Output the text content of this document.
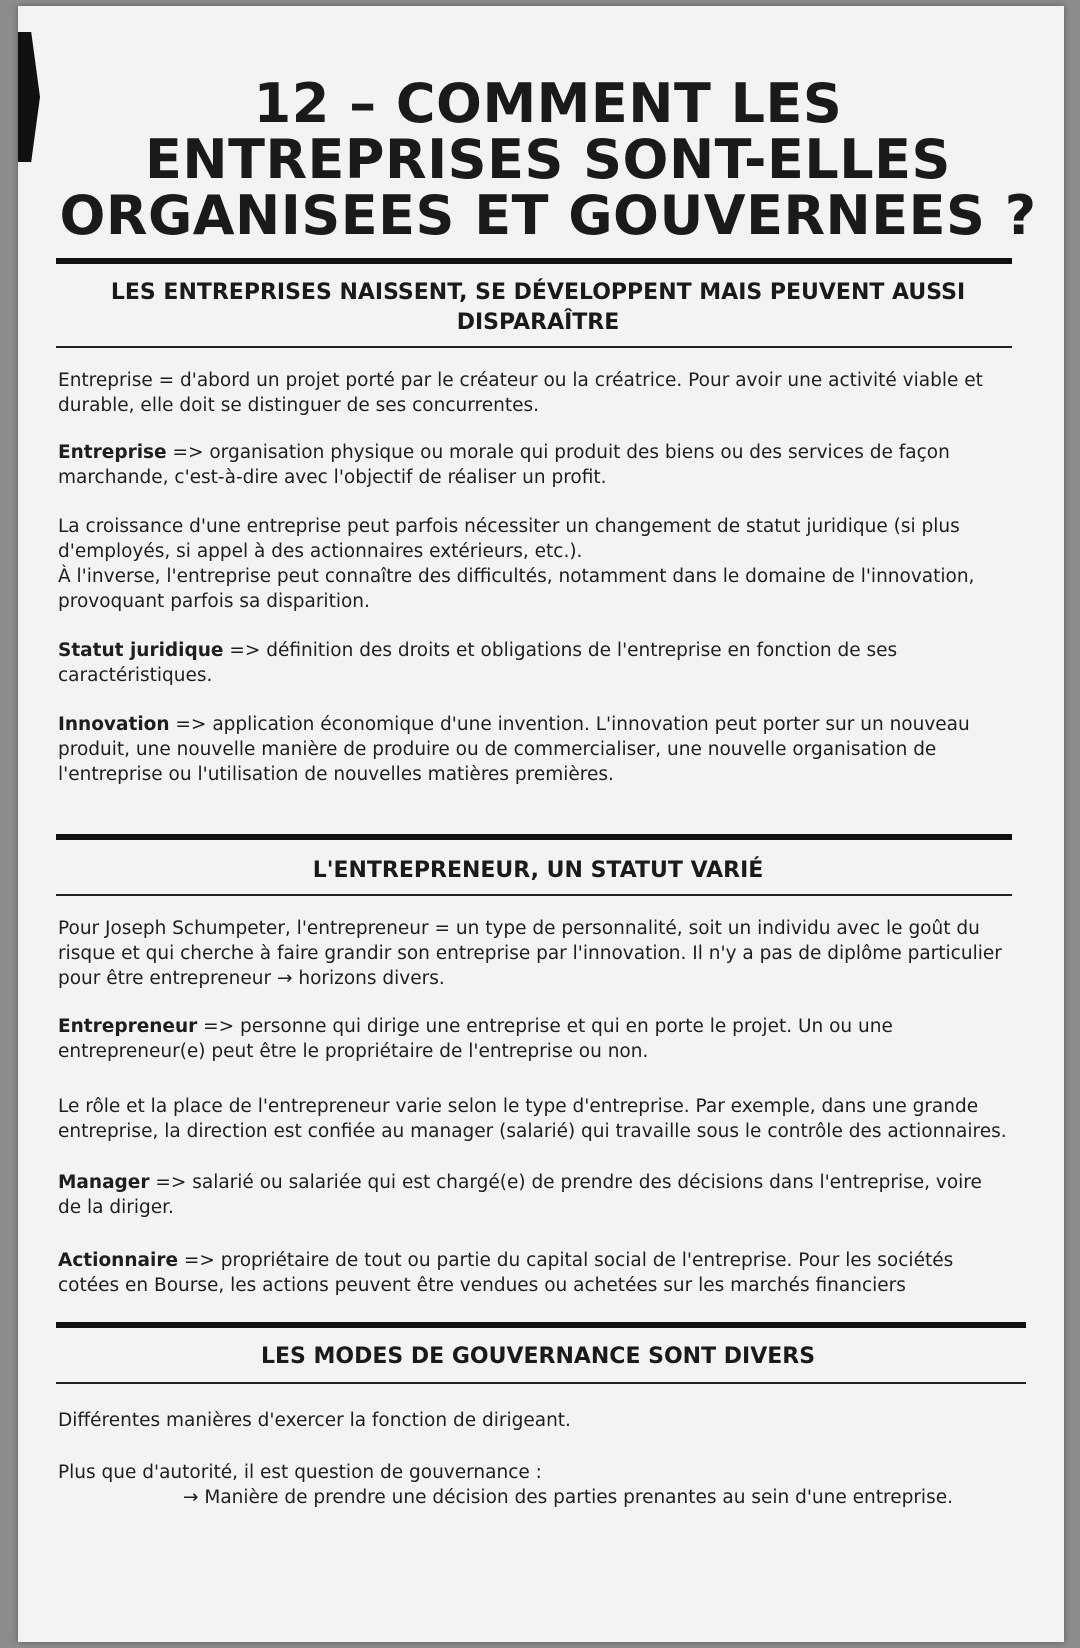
12 – COMMENT LES ENTREPRISES SONT-ELLES ORGANISEES ET GOUVERNEES ?
LES ENTREPRISES NAISSENT, SE DÉVELOPPENT MAIS PEUVENT AUSSI DISPARAÎTRE

Entreprise = d'abord un projet porté par le créateur ou la créatrice. Pour avoir une activité viable et durable, elle doit se distinguer de ses concurrentes.

Entreprise => organisation physique ou morale qui produit des biens ou des services de façon marchande, c'est-à-dire avec l'objectif de réaliser un profit.

La croissance d'une entreprise peut parfois nécessiter un changement de statut juridique (si plus d'employés, si appel à des actionnaires extérieurs, etc.).
À l'inverse, l'entreprise peut connaître des difficultés, notamment dans le domaine de l'innovation, provoquant parfois sa disparition.

Statut juridique => définition des droits et obligations de l'entreprise en fonction de ses caractéristiques.

Innovation => application économique d'une invention. L'innovation peut porter sur un nouveau produit, une nouvelle manière de produire ou de commercialiser, une nouvelle organisation de l'entreprise ou l'utilisation de nouvelles matières premières.

L'ENTREPRENEUR, UN STATUT VARIÉ

Pour Joseph Schumpeter, l'entrepreneur = un type de personnalité, soit un individu avec le goût du risque et qui cherche à faire grandir son entreprise par l'innovation. Il n'y a pas de diplôme particulier pour être entrepreneur → horizons divers.

Entrepreneur => personne qui dirige une entreprise et qui en porte le projet. Un ou une entrepreneur(e) peut être le propriétaire de l'entreprise ou non.

Le rôle et la place de l'entrepreneur varie selon le type d'entreprise. Par exemple, dans une grande entreprise, la direction est confiée au manager (salarié) qui travaille sous le contrôle des actionnaires.

Manager => salarié ou salariée qui est chargé(e) de prendre des décisions dans l'entreprise, voire de la diriger.

Actionnaire => propriétaire de tout ou partie du capital social de l'entreprise. Pour les sociétés cotées en Bourse, les actions peuvent être vendues ou achetées sur les marchés financiers

LES MODES DE GOUVERNANCE SONT DIVERS

Différentes manières d'exercer la fonction de dirigeant.

Plus que d'autorité, il est question de gouvernance :
→ Manière de prendre une décision des parties prenantes au sein d'une entreprise.
